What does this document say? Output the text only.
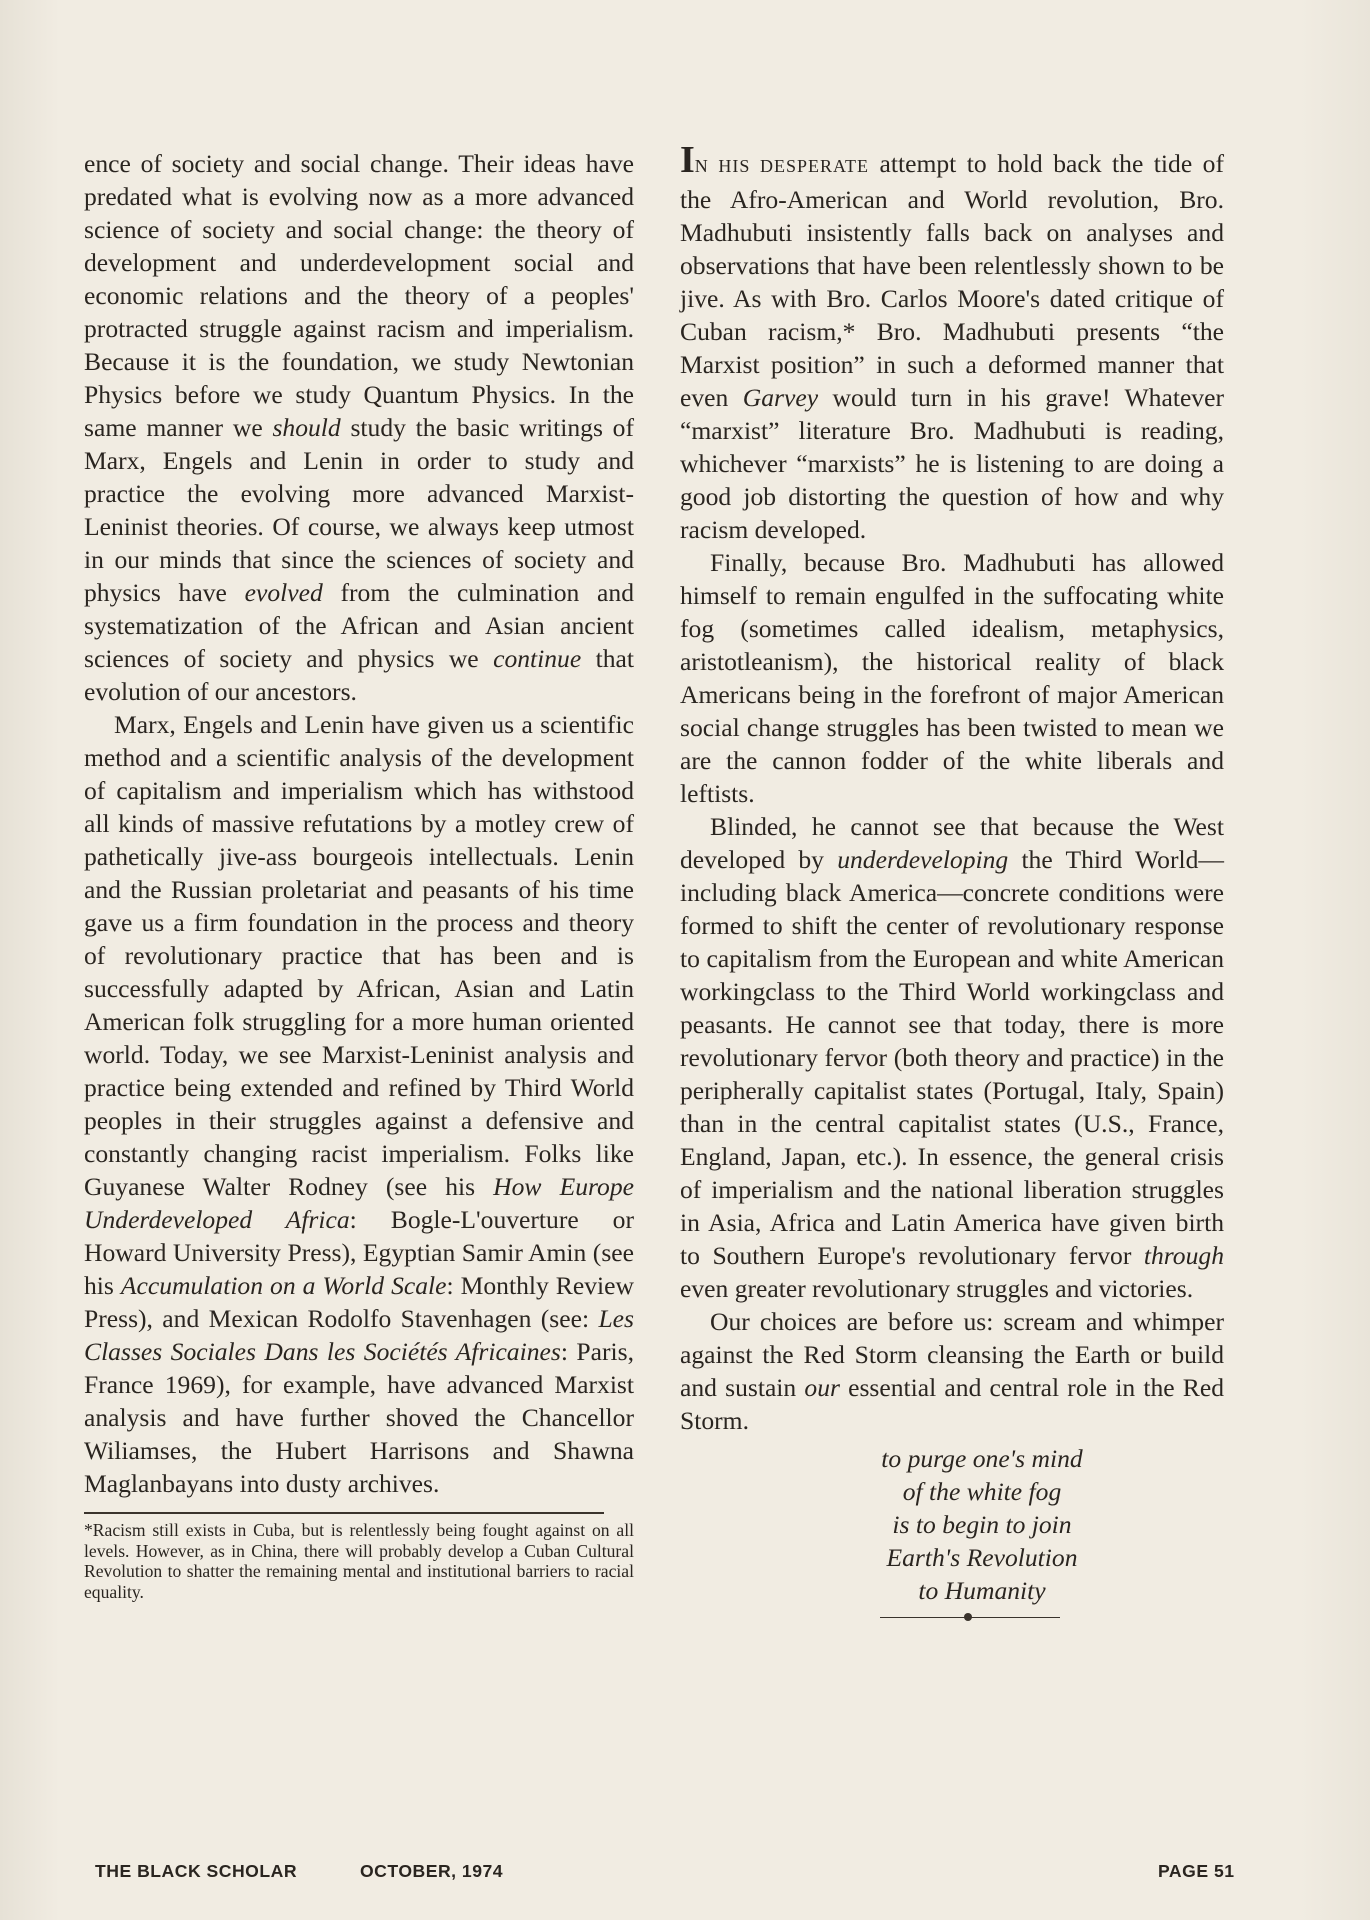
ence of society and social change. Their ideas have predated what is evolving now as a more advanced science of society and social change: the theory of development and underdevelopment social and economic relations and the theory of a peoples' protracted struggle against racism and imperialism. Because it is the foundation, we study Newtonian Physics before we study Quantum Physics. In the same manner we should study the basic writings of Marx, Engels and Lenin in order to study and practice the evolving more advanced Marxist-Leninist theories. Of course, we always keep utmost in our minds that since the sciences of society and physics have evolved from the culmination and systematization of the African and Asian ancient sciences of society and physics we continue that evolution of our ancestors.

Marx, Engels and Lenin have given us a scientific method and a scientific analysis of the development of capitalism and imperialism which has withstood all kinds of massive refutations by a motley crew of pathetically jive-ass bourgeois intellectuals. Lenin and the Russian proletariat and peasants of his time gave us a firm foundation in the process and theory of revolutionary practice that has been and is successfully adapted by African, Asian and Latin American folk struggling for a more human oriented world. Today, we see Marxist-Leninist analysis and practice being extended and refined by Third World peoples in their struggles against a defensive and constantly changing racist imperialism. Folks like Guyanese Walter Rodney (see his How Europe Underdeveloped Africa: Bogle-L'ouverture or Howard University Press), Egyptian Samir Amin (see his Accumulation on a World Scale: Monthly Review Press), and Mexican Rodolfo Stavenhagen (see: Les Classes Sociales Dans les Sociétés Africaines: Paris, France 1969), for example, have advanced Marxist analysis and have further shoved the Chancellor Wiliamses, the Hubert Harrisons and Shawna Maglanbayans into dusty archives.

*Racism still exists in Cuba, but is relentlessly being fought against on all levels. However, as in China, there will probably develop a Cuban Cultural Revolution to shatter the remaining mental and institutional barriers to racial equality.

IN HIS DESPERATE attempt to hold back the tide of the Afro-American and World revolution, Bro. Madhubuti insistently falls back on analyses and observations that have been relentlessly shown to be jive. As with Bro. Carlos Moore's dated critique of Cuban racism,* Bro. Madhubuti presents “the Marxist position” in such a deformed manner that even Garvey would turn in his grave! Whatever “marxist” literature Bro. Madhubuti is reading, whichever “marxists” he is listening to are doing a good job distorting the question of how and why racism developed.

Finally, because Bro. Madhubuti has allowed himself to remain engulfed in the suffocating white fog (sometimes called idealism, metaphysics, aristotleanism), the historical reality of black Americans being in the forefront of major American social change struggles has been twisted to mean we are the cannon fodder of the white liberals and leftists.

Blinded, he cannot see that because the West developed by underdeveloping the Third World—including black America—concrete conditions were formed to shift the center of revolutionary response to capitalism from the European and white American workingclass to the Third World workingclass and peasants. He cannot see that today, there is more revolutionary fervor (both theory and practice) in the peripherally capitalist states (Portugal, Italy, Spain) than in the central capitalist states (U.S., France, England, Japan, etc.). In essence, the general crisis of imperialism and the national liberation struggles in Asia, Africa and Latin America have given birth to Southern Europe's revolutionary fervor through even greater revolutionary struggles and victories.

Our choices are before us: scream and whimper against the Red Storm cleansing the Earth or build and sustain our essential and central role in the Red Storm.

to purge one's mind
of the white fog
is to begin to join
Earth's Revolution
to Humanity
THE BLACK SCHOLAR	OCTOBER, 1974	PAGE 51
